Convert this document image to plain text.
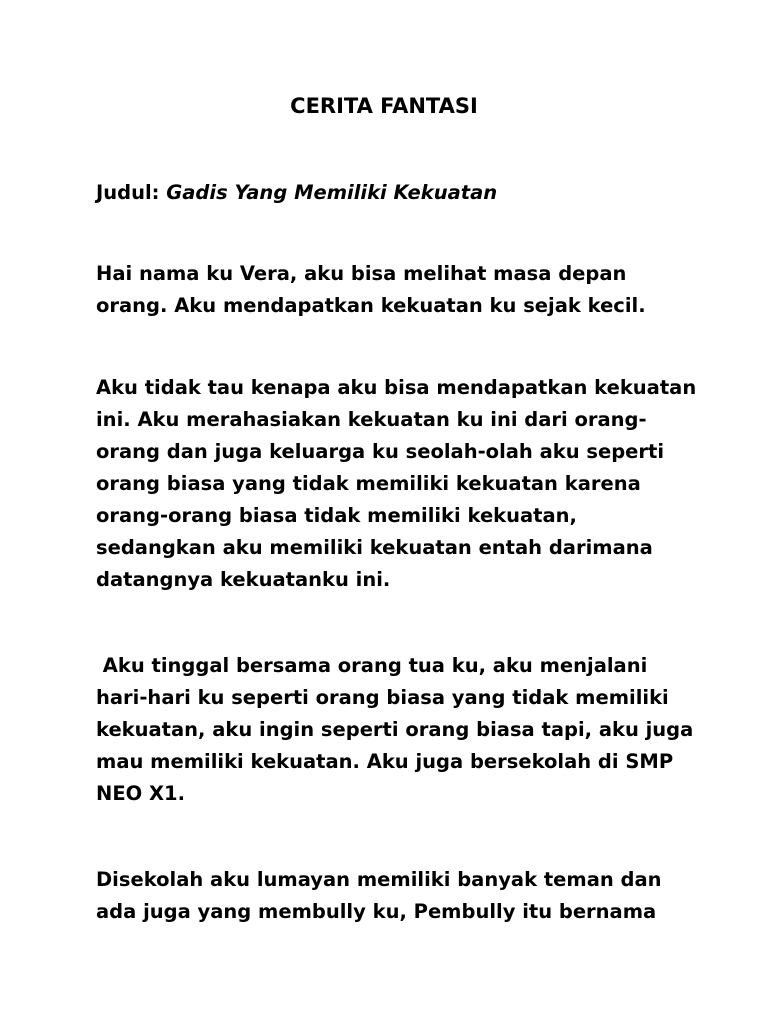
CERITA FANTASI

Judul: Gadis Yang Memiliki Kekuatan

Hai nama ku Vera, aku bisa melihat masa depan
orang. Aku mendapatkan kekuatan ku sejak kecil.

Aku tidak tau kenapa aku bisa mendapatkan kekuatan
ini. Aku merahasiakan kekuatan ku ini dari orang-
orang dan juga keluarga ku seolah-olah aku seperti
orang biasa yang tidak memiliki kekuatan karena
orang-orang biasa tidak memiliki kekuatan,
sedangkan aku memiliki kekuatan entah darimana
datangnya kekuatanku ini.

Aku tinggal bersama orang tua ku, aku menjalani
hari-hari ku seperti orang biasa yang tidak memiliki
kekuatan, aku ingin seperti orang biasa tapi, aku juga
mau memiliki kekuatan. Aku juga bersekolah di SMP
NEO X1.

Disekolah aku lumayan memiliki banyak teman dan
ada juga yang membully ku, Pembully itu bernama
